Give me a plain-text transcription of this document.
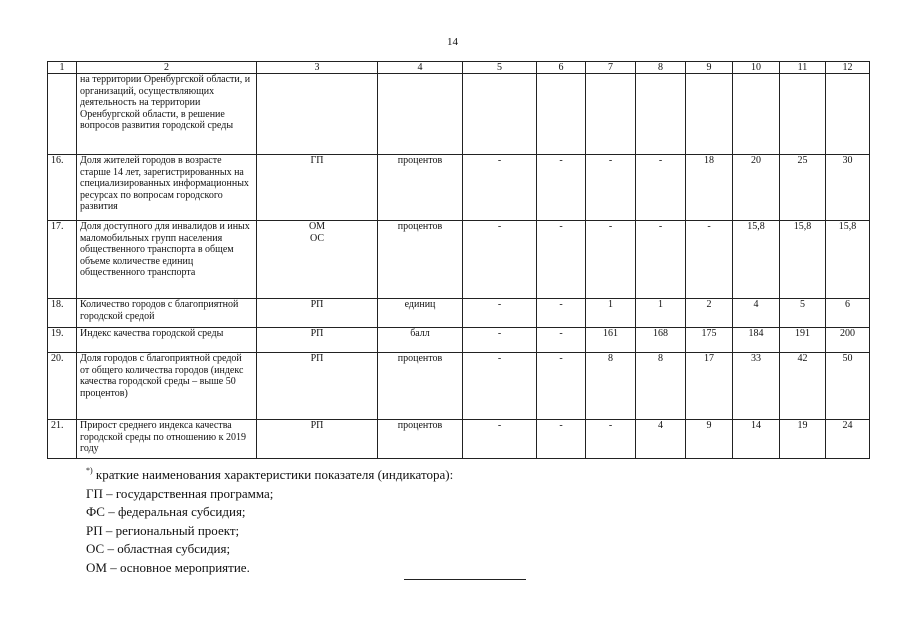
14
1	2	3	4	5	6	7	8	9	10	11	12
	на территории Оренбургской области, и организаций, осуществляющих деятельность на территории Оренбургской области, в решение вопросов развития городской среды										
16.	Доля жителей городов в возрасте старше 14 лет, зарегистрированных на специализированных информационных ресурсах по вопросам городского развития	ГП	процентов	-	-	-	-	18	20	25	30
17.	Доля доступного для инвалидов и иных маломобильных групп населения общественного транспорта в общем объеме количестве единиц общественного транспорта	ОМ ОС	процентов	-	-	-	-	-	15,8	15,8	15,8
18.	Количество городов с благоприятной городской средой	РП	единиц	-	-	1	1	2	4	5	6
19.	Индекс качества городской среды	РП	балл	-	-	161	168	175	184	191	200
20.	Доля городов с благоприятной средой от общего количества городов (индекс качества городской среды – выше 50 процентов)	РП	процентов	-	-	8	8	17	33	42	50
21.	Прирост среднего индекса качества городской среды по отношению к 2019 году	РП	процентов	-	-	-	4	9	14	19	24
*) краткие наименования характеристики показателя (индикатора):
ГП – государственная программа;
ФС – федеральная субсидия;
РП – региональный проект;
ОС – областная субсидия;
ОМ – основное мероприятие.
